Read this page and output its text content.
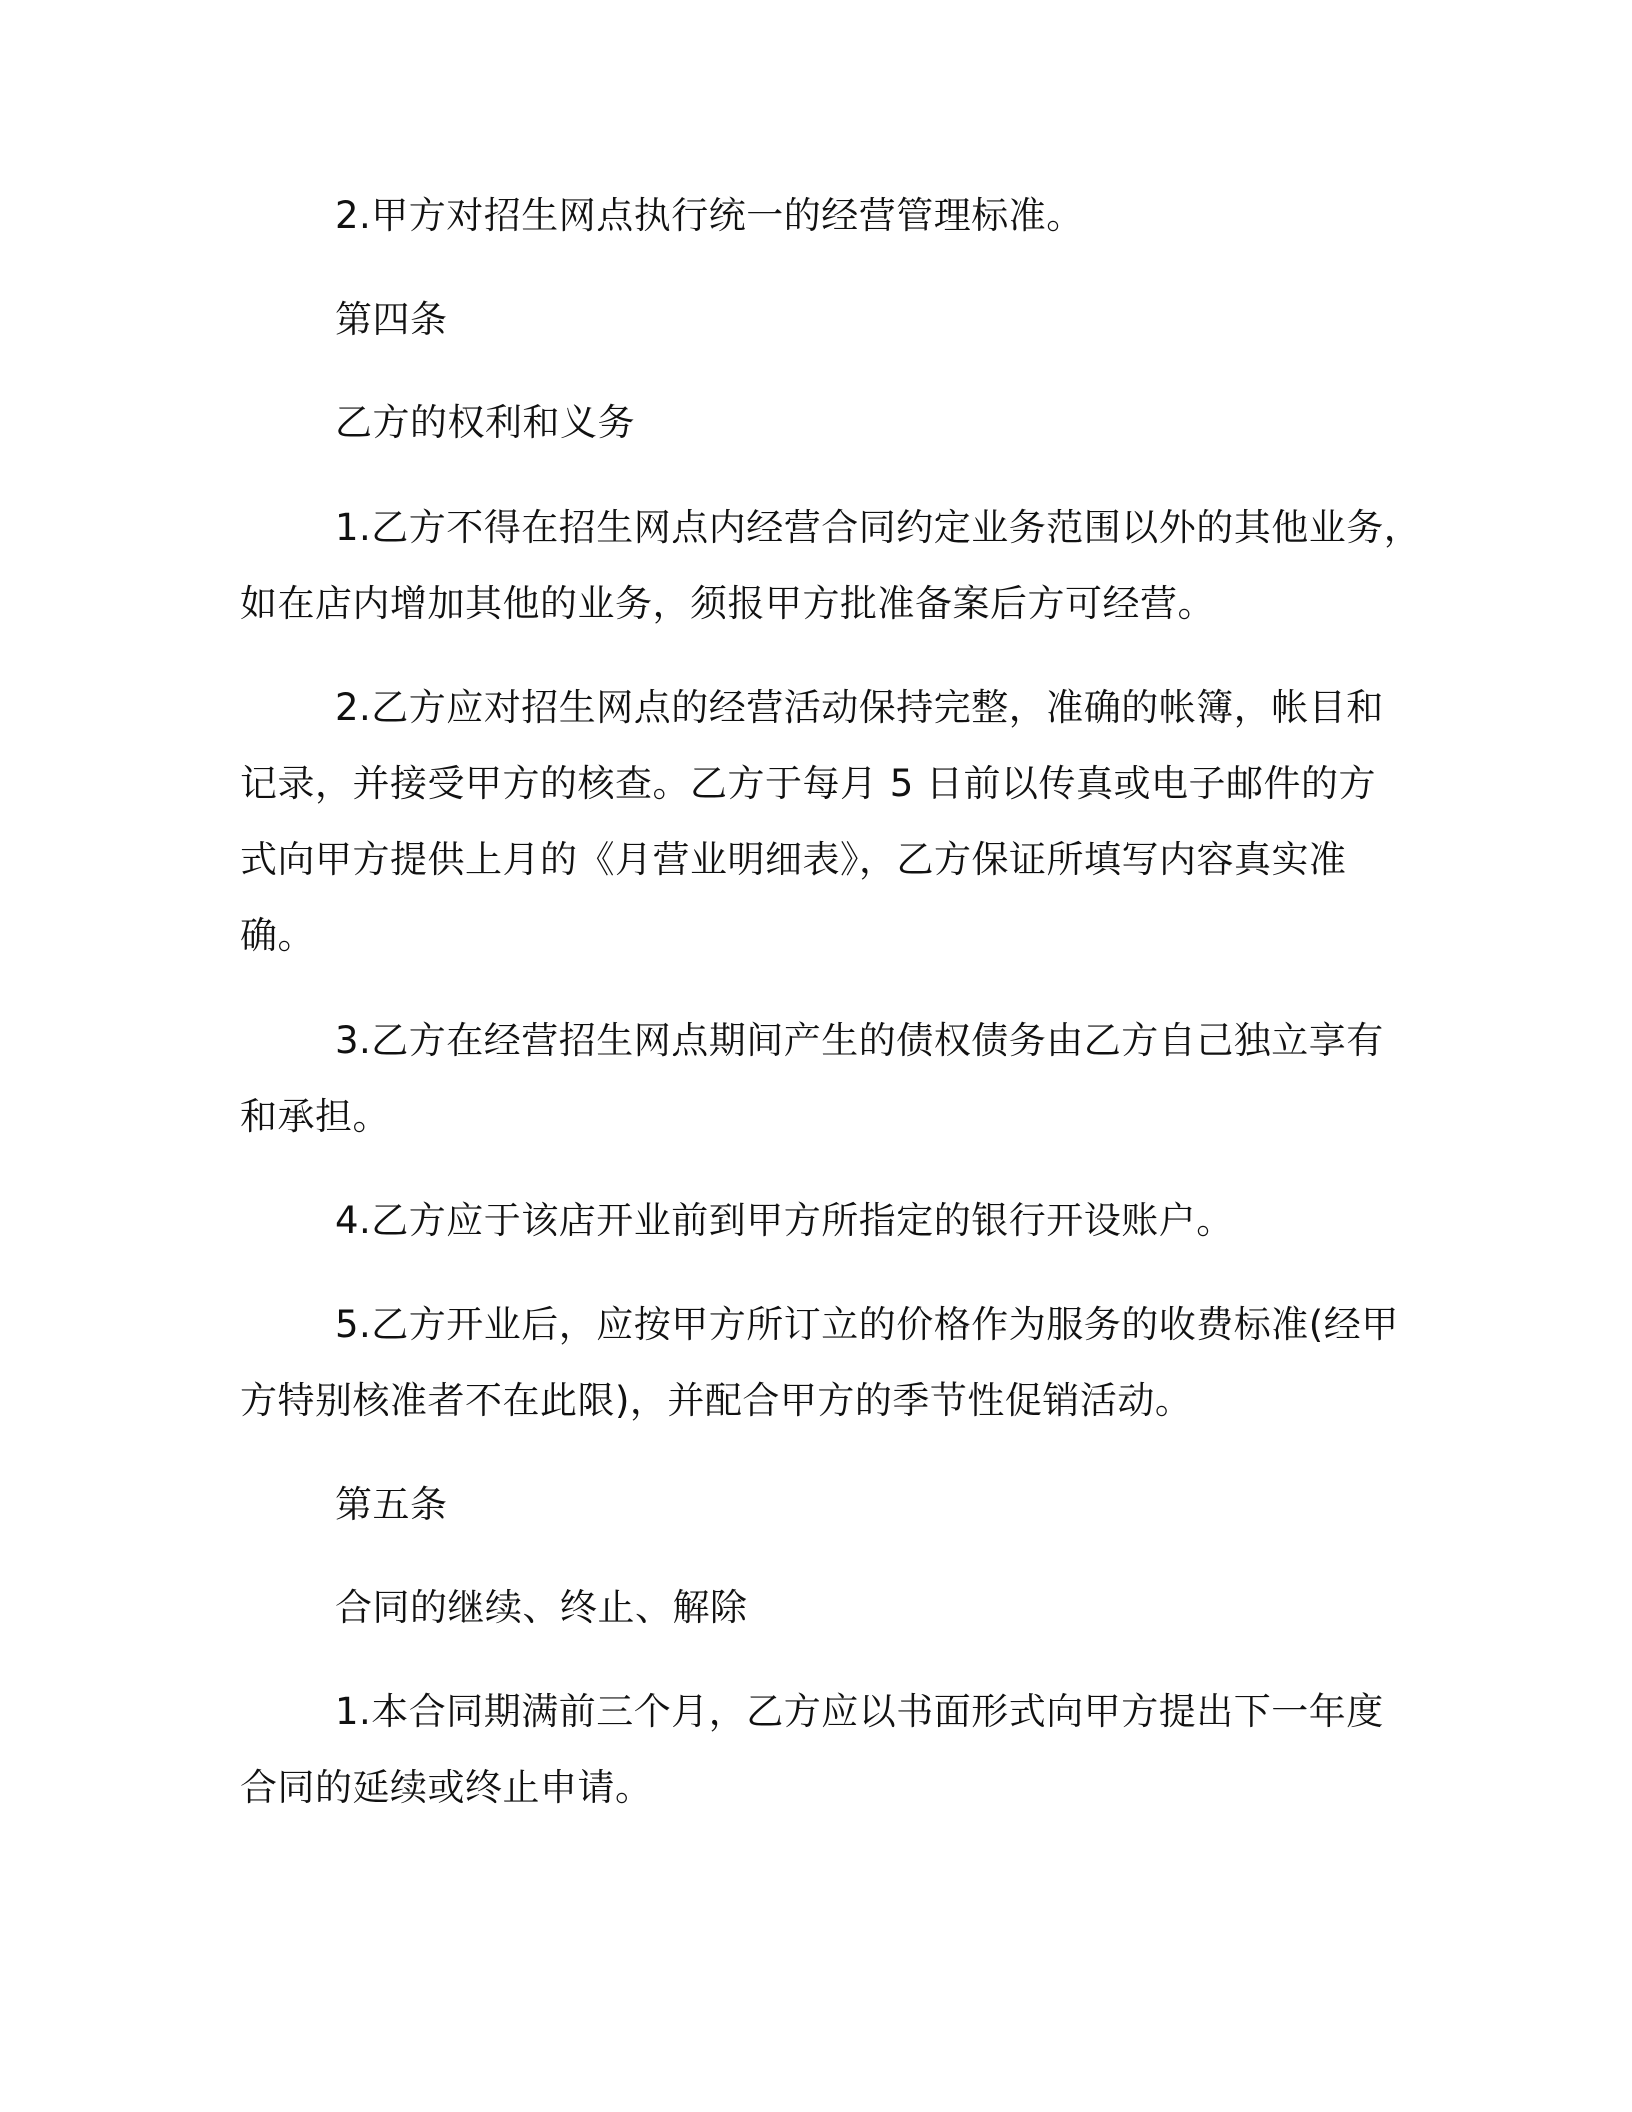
2.甲方对招生网点执行统一的经营管理标准。
第四条
乙方的权利和义务
1.乙方不得在招生网点内经营合同约定业务范围以外的其他业务，
如在店内增加其他的业务，须报甲方批准备案后方可经营。
2.乙方应对招生网点的经营活动保持完整，准确的帐簿，帐目和
记录，并接受甲方的核查。乙方于每月 5 日前以传真或电子邮件的方
式向甲方提供上月的《月营业明细表》，乙方保证所填写内容真实准
确。
3.乙方在经营招生网点期间产生的债权债务由乙方自己独立享有
和承担。
4.乙方应于该店开业前到甲方所指定的银行开设账户。
5.乙方开业后，应按甲方所订立的价格作为服务的收费标准(经甲
方特别核准者不在此限)，并配合甲方的季节性促销活动。
第五条
合同的继续、终止、解除
1.本合同期满前三个月，乙方应以书面形式向甲方提出下一年度
合同的延续或终止申请。
